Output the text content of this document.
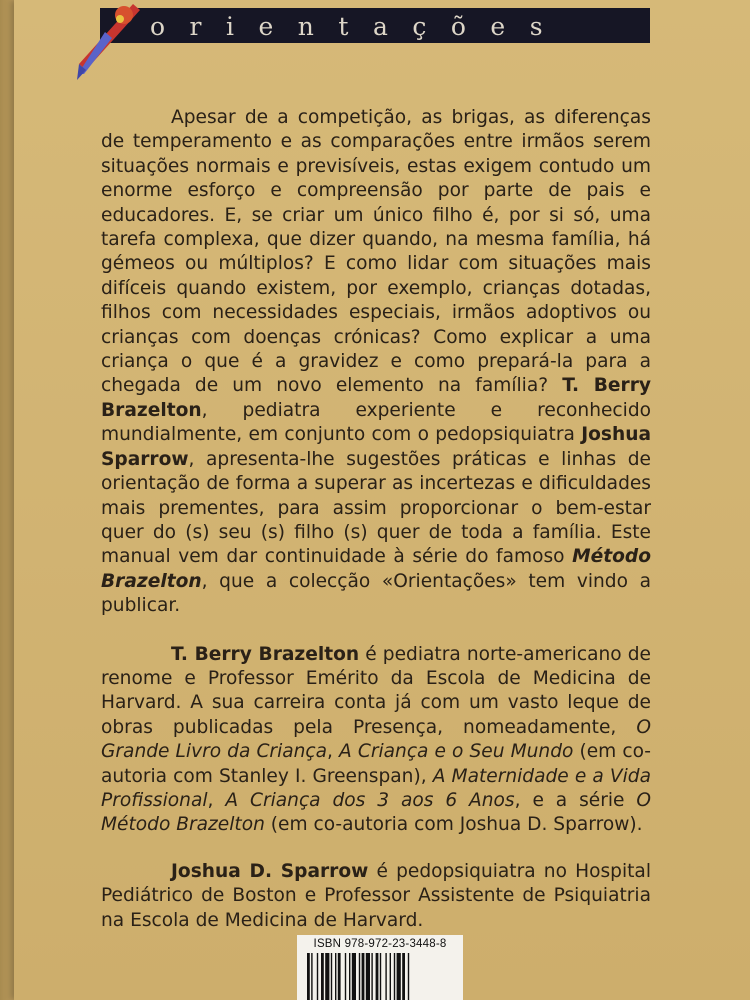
orientações

Apesar de a competição, as brigas, as diferenças de temperamento e as comparações entre irmãos serem situações normais e previsíveis, estas exigem contudo um enorme esforço e compreensão por parte de pais e educadores. E, se criar um único filho é, por si só, uma tarefa complexa, que dizer quando, na mesma família, há gémeos ou múltiplos? E como lidar com situações mais difíceis quando existem, por exemplo, crianças dotadas, filhos com necessidades especiais, irmãos adoptivos ou crianças com doenças crónicas? Como explicar a uma criança o que é a gravidez e como prepará-la para a chegada de um novo elemento na família? T. Berry Brazelton, pediatra experiente e reconhecido mundialmente, em conjunto com o pedopsiquiatra Joshua Sparrow, apresenta-lhe sugestões práticas e linhas de orientação de forma a superar as incertezas e dificuldades mais prementes, para assim proporcionar o bem-estar quer do (s) seu (s) filho (s) quer de toda a família. Este manual vem dar continuidade à série do famoso Método Brazelton, que a colecção «Orientações» tem vindo a publicar.

T. Berry Brazelton é pediatra norte-americano de renome e Professor Emérito da Escola de Medicina de Harvard. A sua carreira conta já com um vasto leque de obras publicadas pela Presença, nomeadamente, O Grande Livro da Criança, A Criança e o Seu Mundo (em co-autoria com Stanley I. Greenspan), A Maternidade e a Vida Profissional, A Criança dos 3 aos 6 Anos, e a série O Método Brazelton (em co-autoria com Joshua D. Sparrow).

Joshua D. Sparrow é pedopsiquiatra no Hospital Pediátrico de Boston e Professor Assistente de Psiquiatria na Escola de Medicina de Harvard.

ISBN 978-972-23-3448-8
